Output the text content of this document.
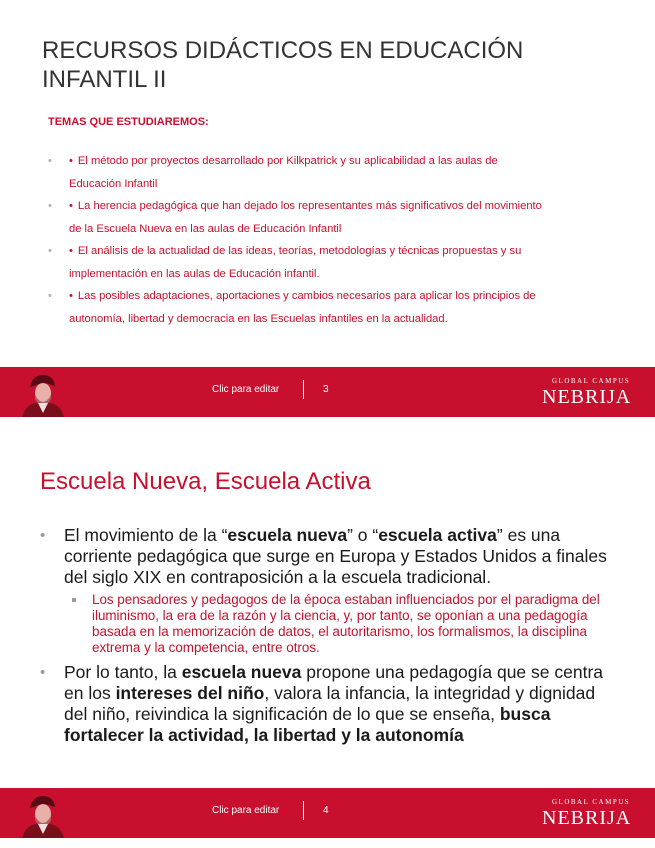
RECURSOS DIDÁCTICOS EN EDUCACIÓN
INFANTIL II

TEMAS QUE ESTUDIAREMOS:

• • El método por proyectos desarrollado por Kilkpatrick y su aplicabilidad a las aulas de
Educación Infantil
• • La herencia pedagógica que han dejado los representantes más significativos del movimiento
de la Escuela Nueva en las aulas de Educación Infantil
• • El análisis de la actualidad de las ideas, teorías, metodologías y técnicas propuestas y su
implementación en las aulas de Educación infantil.
• • Las posibles adaptaciones, aportaciones y cambios necesarios para aplicar los principios de
autonomía, libertad y democracia en las Escuelas infantiles en la actualidad.
Clic para editar	3
GLOBAL CAMPUS
NEBRIJA
Escuela Nueva, Escuela Activa

• El movimiento de la “escuela nueva” o “escuela activa” es una corriente pedagógica que surge en Europa y Estados Unidos a finales del siglo XIX en contraposición a la escuela tradicional.

Los pensadores y pedagogos de la época estaban influenciados por el paradigma del iluminismo, la era de la razón y la ciencia, y, por tanto, se oponían a una pedagogía basada en la memorización de datos, el autoritarismo, los formalismos, la disciplina extrema y la competencia, entre otros.

• Por lo tanto, la escuela nueva propone una pedagogía que se centra en los intereses del niño, valora la infancia, la integridad y dignidad del niño, reivindica la significación de lo que se enseña, busca fortalecer la actividad, la libertad y la autonomía

Clic para editar	4
GLOBAL CAMPUS
NEBRIJA
